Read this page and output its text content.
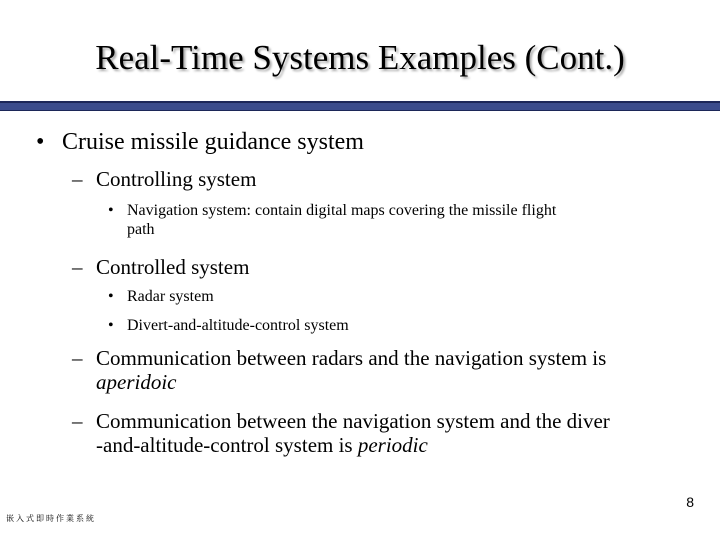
Real-Time Systems Examples (Cont.)
• Cruise missile guidance system
– Controlling system
• Navigation system: contain digital maps covering the missile flight
path
– Controlled system
• Radar system
• Divert-and-altitude-control system
– Communication between radars and the navigation system is
aperidoic
– Communication between the navigation system and the diver
-and-altitude-control system is periodic
8
嵌入式即時作業系統
